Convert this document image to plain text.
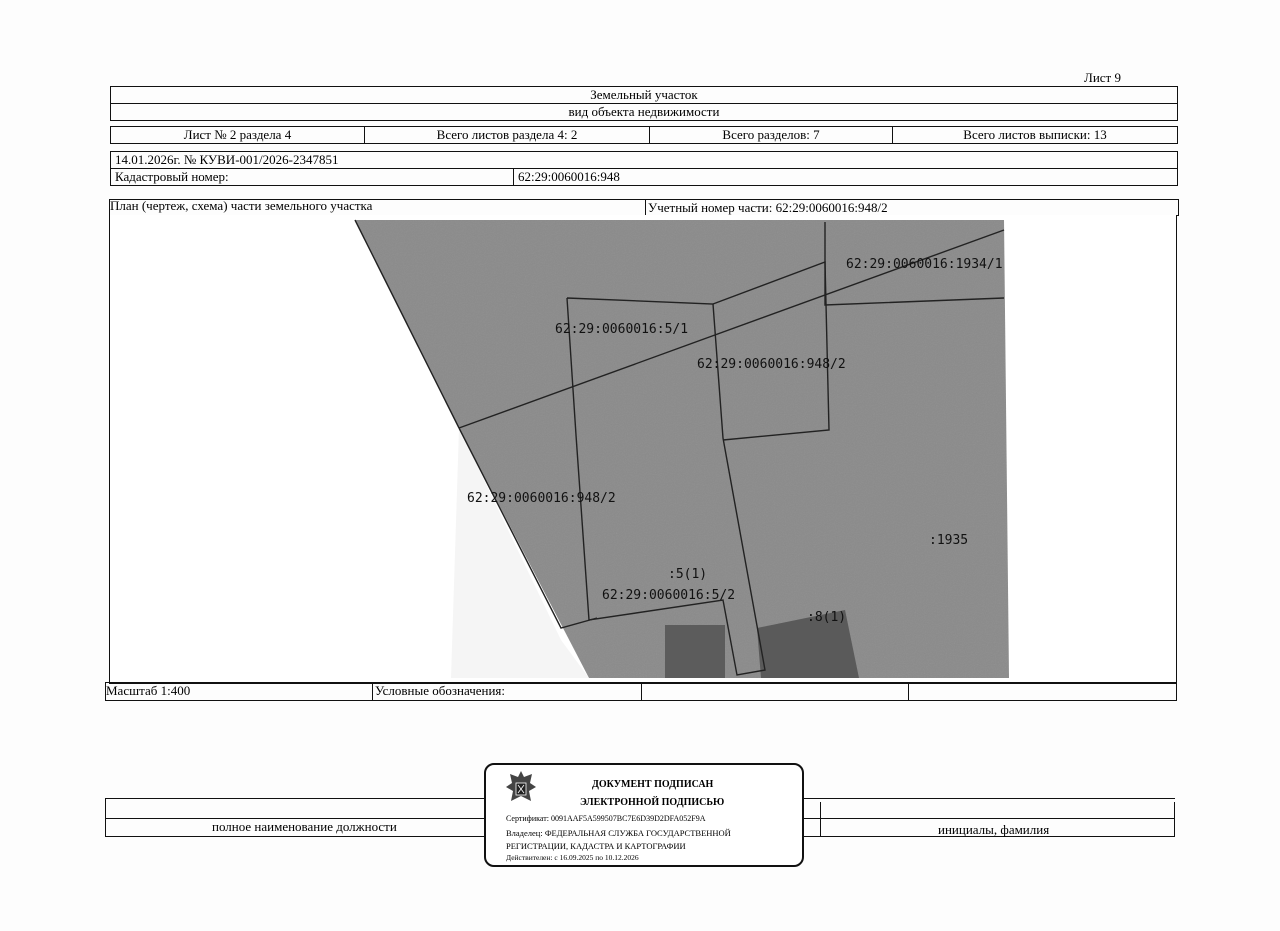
Лист 9
Земельный участок
вид объекта недвижимости
Лист № 2 раздела 4	Всего листов раздела 4: 2	Всего разделов: 7	Всего листов выписки: 13
14.01.2026г. № КУВИ-001/2026-2347851
Кадастровый номер:	62:29:0060016:948
План (чертеж, схема) части земельного участка	Учетный номер части: 62:29:0060016:948/2
62:29:0060016:1934/1
62:29:0060016:5/1
62:29:0060016:948/2
62:29:0060016:948/2
:1935
:5(1)
62:29:0060016:5/2
:8(1)
Масштаб 1:400	Условные обозначения:
полное наименование должности	инициалы, фамилия
ДОКУМЕНТ ПОДПИСАН
ЭЛЕКТРОННОЙ ПОДПИСЬЮ
Сертификат: 0091AAF5A599507BC7E6D39D2DFA052F9A
Владелец: ФЕДЕРАЛЬНАЯ СЛУЖБА ГОСУДАРСТВЕННОЙ
РЕГИСТРАЦИИ, КАДАСТРА И КАРТОГРАФИИ
Действителен: с 16.09.2025 по 10.12.2026
